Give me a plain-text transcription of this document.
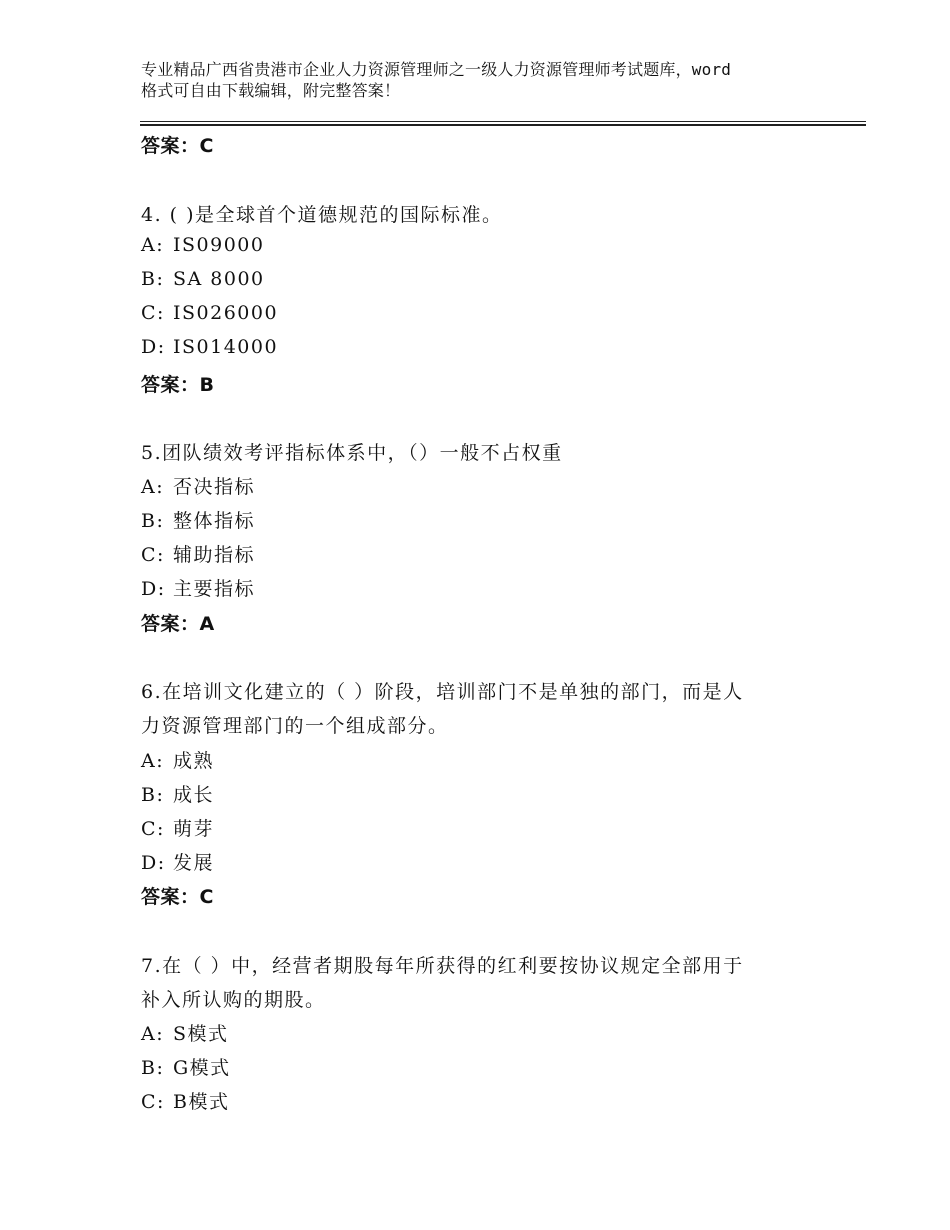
专业精品广西省贵港市企业人力资源管理师之一级人力资源管理师考试题库，word
格式可自由下载编辑，附完整答案！
答案：C
4. ( )是全球首个道德规范的国际标准。
A: IS09000
B: SA 8000
C: IS026000
D: IS014000
答案：B
5.团队绩效考评指标体系中，（）一般不占权重
A: 否决指标
B: 整体指标
C: 辅助指标
D: 主要指标
答案：A
6.在培训文化建立的（ ）阶段，培训部门不是单独的部门，而是人
力资源管理部门的一个组成部分。
A: 成熟
B: 成长
C: 萌芽
D: 发展
答案：C
7.在（ ）中，经营者期股每年所获得的红利要按协议规定全部用于
补入所认购的期股。
A: S模式
B: G模式
C: B模式
